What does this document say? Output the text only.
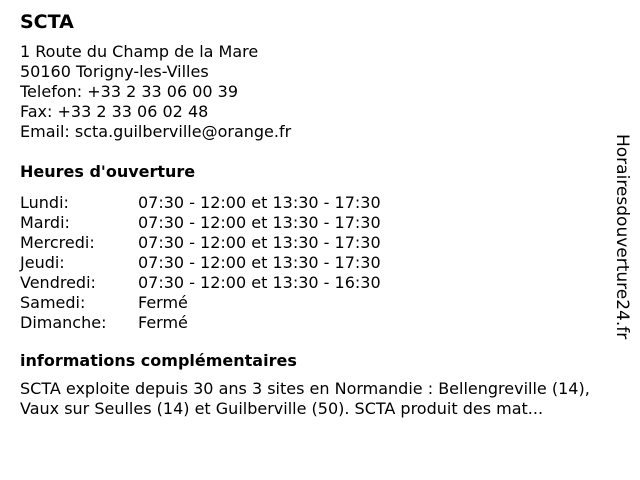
SCTA
1 Route du Champ de la Mare
50160 Torigny-les-Villes
Telefon: +33 2 33 06 00 39
Fax: +33 2 33 06 02 48
Email: scta.guilberville@orange.fr
Heures d'ouverture
Lundi:	07:30 - 12:00 et 13:30 - 17:30
Mardi:	07:30 - 12:00 et 13:30 - 17:30
Mercredi:	07:30 - 12:00 et 13:30 - 17:30
Jeudi:	07:30 - 12:00 et 13:30 - 17:30
Vendredi:	07:30 - 12:00 et 13:30 - 16:30
Samedi:	Fermé
Dimanche: Fermé
informations complémentaires
SCTA exploite depuis 30 ans 3 sites en Normandie : Bellengreville (14), Vaux sur Seulles (14) et Guilberville (50). SCTA produit des mat...
Horairesdouverture24.fr
